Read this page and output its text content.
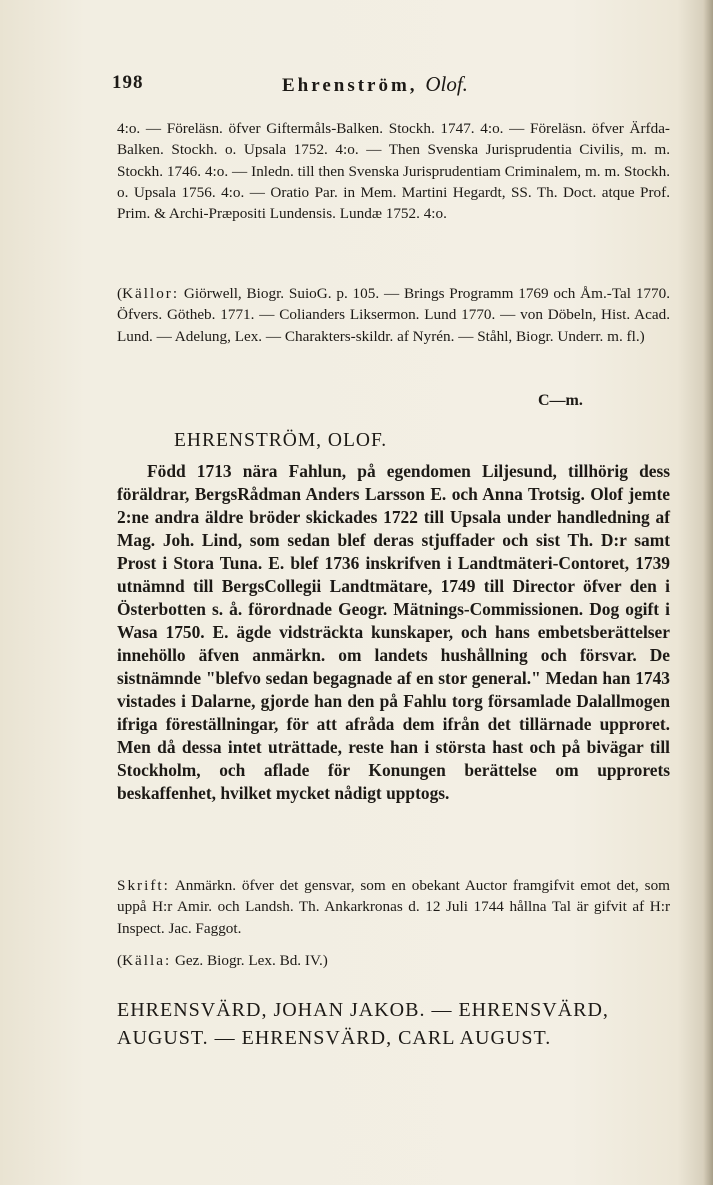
198	Ehrenström, Olof.
4:o. — Föreläsn. öfver Giftermåls-Balken. Stockh. 1747. 4:o. — Föreläsn. öfver Ärfda-Balken. Stockh. o. Upsala 1752. 4:o. — Then Svenska Jurisprudentia Civilis, m. m. Stockh. 1746. 4:o. — Inledn. till then Svenska Jurisprudentiam Criminalem, m. m. Stockh. o. Upsala 1756. 4:o. — Oratio Par. in Mem. Martini Hegardt, SS. Th. Doct. atque Prof. Prim. & Archi-Præpositi Lundensis. Lundæ 1752. 4:o.
(Källor: Giörwell, Biogr. SuioG. p. 105. — Brings Programm 1769 och Åm.-Tal 1770. Öfvers. Götheb. 1771. — Colianders Liksermon. Lund 1770. — von Döbeln, Hist. Acad. Lund. — Adelung, Lex. — Charakters-skildr. af Nyrén. — Ståhl, Biogr. Underr. m. fl.)
C—m.
EHRENSTRÖM, OLOF.
Född 1713 nära Fahlun, på egendomen Liljesund, tillhörig dess föräldrar, BergsRådman Anders Larsson E. och Anna Trotsig. Olof jemte 2:ne andra äldre bröder skickades 1722 till Upsala under handledning af Mag. Joh. Lind, som sedan blef deras stjuffader och sist Th. D:r samt Prost i Stora Tuna. E. blef 1736 inskrifven i Landtmäteri-Contoret, 1739 utnämnd till BergsCollegii Landtmätare, 1749 till Director öfver den i Österbotten s. å. förordnade Geogr. Mätnings-Commissionen. Dog ogift i Wasa 1750. E. ägde vidsträckta kunskaper, och hans embetsberättelser innehöllo äfven anmärkn. om landets hushållning och försvar. De sistnämnde "blefvo sedan begagnade af en stor general." Medan han 1743 vistades i Dalarne, gjorde han den på Fahlu torg församlade Dalallmogen ifriga föreställningar, för att afråda dem ifrån det tillärnade upproret. Men då dessa intet uträttade, reste han i största hast och på bivägar till Stockholm, och aflade för Konungen berättelse om upprorets beskaffenhet, hvilket mycket nådigt upptogs.
Skrift: Anmärkn. öfver det gensvar, som en obekant Auctor framgifvit emot det, som uppå H:r Amir. och Landsh. Th. Ankarkronas d. 12 Juli 1744 hållna Tal är gifvit af H:r Inspect. Jac. Faggot.
(Källa: Gez. Biogr. Lex. Bd. IV.)
EHRENSVÄRD, JOHAN JAKOB. — EHRENSVÄRD,
AUGUST. — EHRENSVÄRD, CARL AUGUST.
